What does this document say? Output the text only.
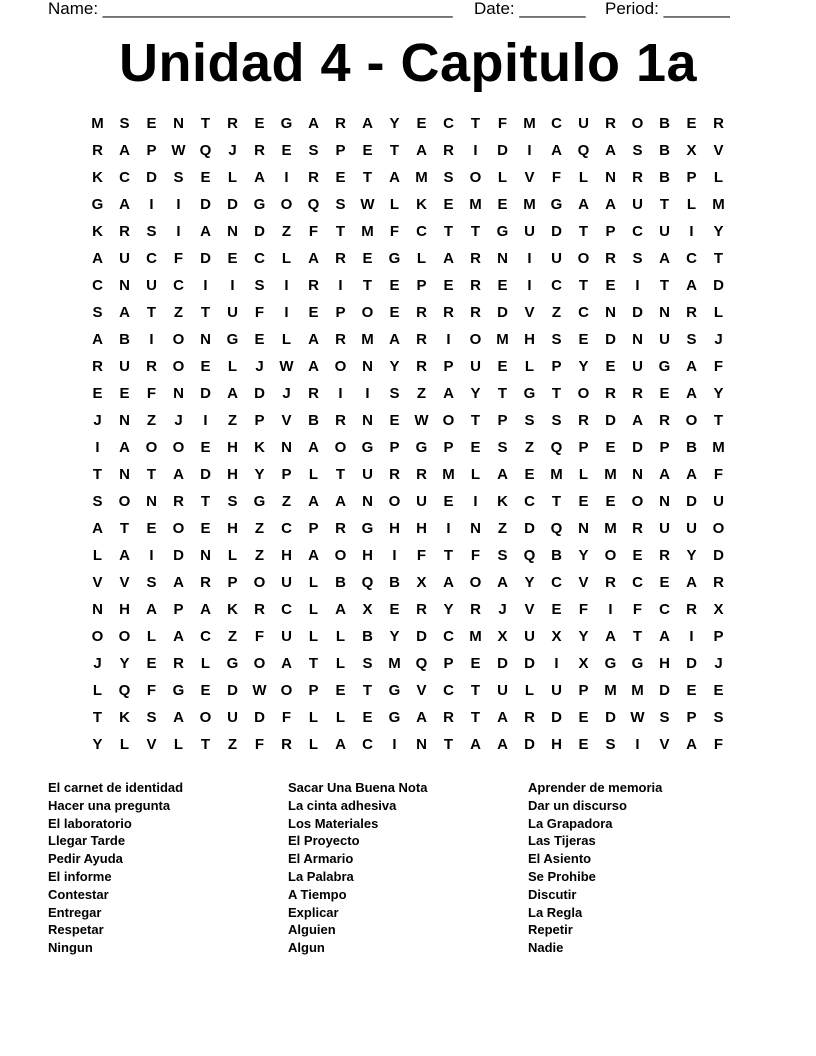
Name: _____________________________________

Date: _______

Period: _______

Unidad 4 - Capitulo 1a
M	S	E	N	T	R	E	G	A	R	A	Y	E	C	T	F	M	C	U	R	O	B	E	R
R	A	P W Q	J	R	E	S	P	E	T	A	R	I	D	I	A	Q	A	S	B	X	V
K	C	D	S	E	L	A	I	R	E	T	A	M	S	O	L	V	F	L	N	R	B	P	L
G	A	I	I	D	D	G	O	Q	S W	L	K	E	M	E	M G	A	A	U	T	L	M
K	R	S	I	A	N	D	Z	F	T	M	F	C	T	T	G	U	D	T	P	C	U	I	Y
A	U	C	F	D	E	C	L	A	R	E	G	L	A	R	N	I	U	O	R	S	A	C	T
C	N	U	C	I	I	S	I	R	I	T	E	P	E	R	E	I	C	T	E	I	T	A	D
S	A	T	Z	T	U	F	I	E	P	O	E	R	R	R	D	V	Z	C	N	D	N	R	L
A	B	I	O	N	G	E	L	A	R	M	A	R	I	O M	H	S	E	D	N	U	S	J
R	U	R	O	E	L	J	W A	O	N	Y	R	P	U	E	L	P	Y	E	U	G	A	F
E	E	F	N	D	A	D	J	R	I	I	S	Z	A	Y	T	G	T	O	R	R	E	A	Y
J	N	Z	J	I	Z	P	V	B	R	N	E W O	T	P	S	S	R	D	A	R	O	T
I	A	O	O	E	H	K	N	A	O	G	P	G	P	E	S	Z	Q	P	E	D	P	B	M
T	N	T	A	D	H	Y	P	L	T	U	R	R	M	L	A	E	M	L	M	N	A	A	F
S	O	N	R	T	S	G	Z	A	A	N	O	U	E	I	K	C	T	E	E	O	N	D	U
A	T	E	O	E	H	Z	C	P	R	G	H	H	I	N	Z	D	Q	N	M	R	U	U	O
L	A	I	D	N	L	Z	H	A	O	H	I	F	T	F	S	Q	B	Y	O	E	R	Y	D
V	V	S	A	R	P	O	U	L	B	Q	B	X	A	O	A	Y	C	V	R	C	E	A	R
N	H	A	P	A	K	R	C	L	A	X	E	R	Y	R	J	V	E	F	I	F	C	R	X
O	O	L	A	C	Z	F	U	L	L	B	Y	D	C	M	X	U	X	Y	A	T	A	I	P
J	Y	E	R	L	G	O	A	T	L	S	M Q	P	E	D	D	I	X	G	G	H	D	J
L	Q	F	G	E	D W O	P	E	T	G	V	C	T	U	L	U	P	M M	D	E	E
T	K	S	A	O	U	D	F	L	L	E	G	A	R	T	A	R	D	E	D W S	P	S
Y	L	V	L	T	Z	F	R	L	A	C	I	N	T	A	A	D	H	E	S	I	V	A	F
El carnet de identidad
Hacer una pregunta
El laboratorio
Llegar Tarde
Pedir Ayuda
El informe
Contestar
Entregar
Respetar
Ningun
Sacar Una Buena Nota
La cinta adhesiva
Los Materiales
El Proyecto
El Armario
La Palabra
A Tiempo
Explicar
Alguien
Algun
Aprender de memoria
Dar un discurso
La Grapadora
Las Tijeras
El Asiento
Se Prohibe
Discutir
La Regla
Repetir
Nadie
